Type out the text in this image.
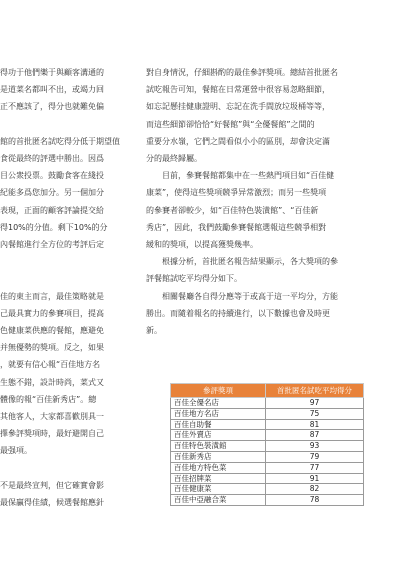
得功于他們樂于與顧客溝通的

是道菜名都叫不出，或竭力回

正不應該了，得分也就難免偏

館的首批匿名試吃得分低于期望值

食從最終的評選中勝出。因爲

目公衆投票。鼓勵食客在綫投

紀能多爲您加分。另一個加分

表現，正面的顧客評論提交給

得10%的分值。剩下10%的分

內餐館進行全方位的考評后定

佳的東主而言，最佳策略就是

己最具實力的參賽項目，提高

色健康菜供應的餐館，應避免

并無優勢的獎項。反之，如果

，就要有信心報“百佳地方名

生態不錯，設計時尚，菜式又

體像的報“百佳新秀店”。總

其他客人，大家都喜歡別具一

擇參評獎項時，最好避開自己

最强項。

不是最終宣判，但它確實會影

最保贏得佳績，候選餐館應針

對自身情況，仔細斟酌的最佳參評獎項。總結首批匿名

試吃報告可知，餐館在日常運營中很容易忽略細節，

如忘記懸挂健康證明、忘記在洗手間放垃圾桶等等，

而這些細節卻恰恰“好餐館”與“全優餐館”之間的

重要分水嶺，它們之間看似小小的區別，却會決定滿

分的最終歸屬。

　　目前，參賽餐館都集中在一些熱門項目如“百佳健

康菜”，使得這些獎項競爭异常激烈；而另一些獎項

的參賽者卻較少，如“百佳特色裝潢館”、“百佳新

秀店”，因此，我們鼓勵參賽餐館選報這些競爭相對

緩和的獎項，以提高獲獎幾率。

　　根據分析，首批匿名報告結果顯示，各大獎項的參

評餐館試吃平均得分如下。

　　相關餐廳各自得分應等于或高于這一平均分，方能

勝出。而隨着報名的持續進行，以下數據也會及時更

新。

參評獎項	首批匿名試吃平均得分
百佳全優名店	97
百佳地方名店	75
百佳自助餐	81
百佳外賣店	87
百佳特色裝潢館	93
百佳新秀店	79
百佳地方特色菜	77
百佳招牌菜	91
百佳健康菜	82
百佳中亞融合菜	78
